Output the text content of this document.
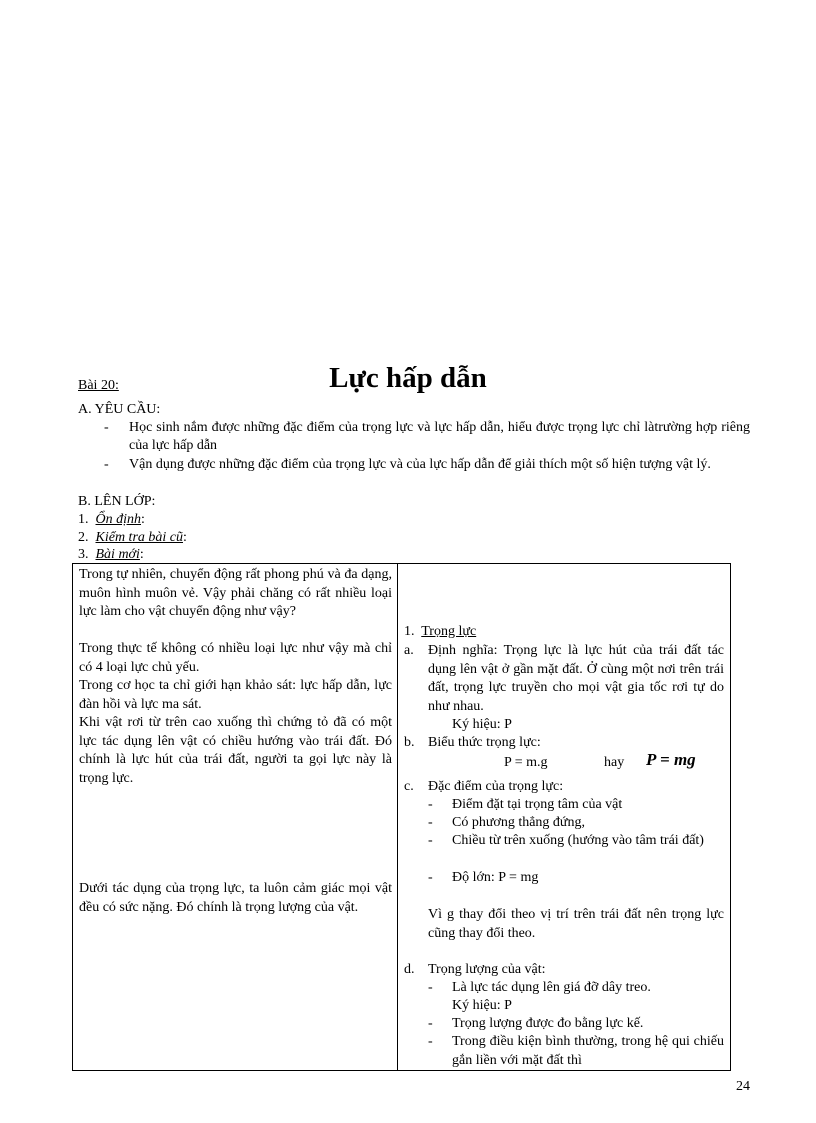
Bài 20:	Lực hấp dẫn
A. YÊU CẦU:
- Học sinh nắm được những đặc điểm của trọng lực và lực hấp dẫn, hiểu được trọng lực chỉ làtrường hợp riêng của lực hấp dẫn
- Vận dụng được những đặc điểm của trọng lực và của lực hấp dẫn để giải thích một số hiện tượng vật lý.
B. LÊN LỚP:
1. Ổn định:
2. Kiểm tra bài cũ:
3. Bài mới:
Trong tự nhiên, chuyển động rất phong phú và đa dạng, muôn hình muôn vẻ. Vậy phải chăng có rất nhiều loại lực làm cho vật chuyển động như vậy?
Trong thực tế không có nhiều loại lực như vậy mà chỉ có 4 loại lực chủ yếu.
Trong cơ học ta chỉ giới hạn khảo sát: lực hấp dẫn, lực đàn hồi và lực ma sát.
Khi vật rơi từ trên cao xuống thì chứng tỏ đã có một lực tác dụng lên vật có chiều hướng vào trái đất. Đó chính là lực hút của trái đất, người ta gọi lực này là trọng lực.
Dưới tác dụng của trọng lực, ta luôn cảm giác mọi vật đều có sức nặng. Đó chính là trọng lượng của vật.

1. Trọng lực
a. Định nghĩa: Trọng lực là lực hút của trái đất tác dụng lên vật ở gần mặt đất. Ở cùng một nơi trên trái đất, trọng lực truyền cho mọi vật gia tốc rơi tự do như nhau.
Ký hiệu: P
b. Biểu thức trọng lực:
P = m.g	hay P = mg
c. Đặc điểm của trọng lực:
- Điểm đặt tại trọng tâm của vật
- Có phương thẳng đứng,
- Chiều từ trên xuống (hướng vào tâm trái đất)
- Độ lớn: P = mg
Vì g thay đổi theo vị trí trên trái đất nên trọng lực cũng thay đổi theo.
d. Trọng lượng của vật:
- Là lực tác dụng lên giá đỡ dây treo.
Ký hiệu: P
- Trọng lượng được đo bằng lực kế.
- Trong điều kiện bình thường, trong hệ qui chiếu gắn liền với mặt đất thì
24
